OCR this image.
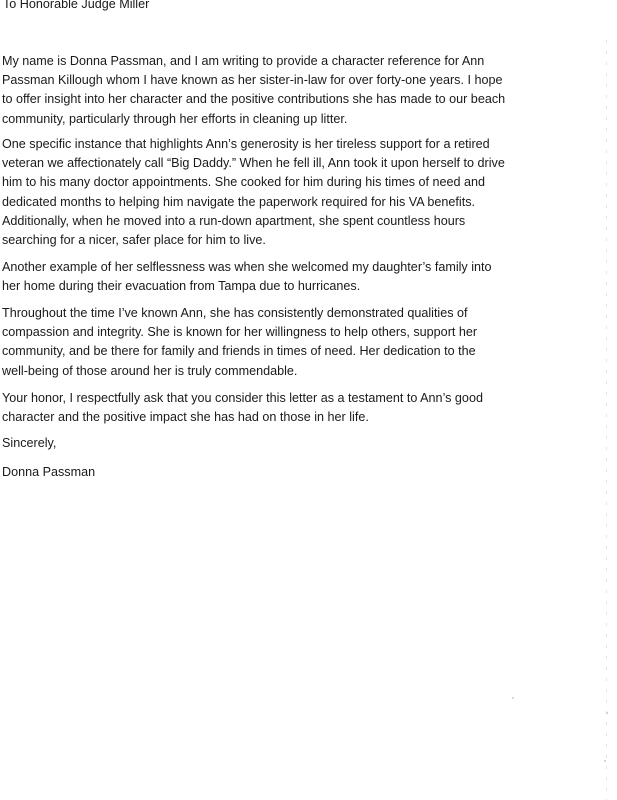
To Honorable Judge Miller
My name is Donna Passman, and I am writing to provide a character reference for Ann
Passman Killough whom I have known as her sister-in-law for over forty-one years. I hope
to offer insight into her character and the positive contributions she has made to our beach
community, particularly through her efforts in cleaning up litter.
One specific instance that highlights Ann’s generosity is her tireless support for a retired
veteran we affectionately call “Big Daddy.” When he fell ill, Ann took it upon herself to drive
him to his many doctor appointments. She cooked for him during his times of need and
dedicated months to helping him navigate the paperwork required for his VA benefits.
Additionally, when he moved into a run-down apartment, she spent countless hours
searching for a nicer, safer place for him to live.
Another example of her selflessness was when she welcomed my daughter’s family into
her home during their evacuation from Tampa due to hurricanes.
Throughout the time I’ve known Ann, she has consistently demonstrated qualities of
compassion and integrity. She is known for her willingness to help others, support her
community, and be there for family and friends in times of need. Her dedication to the
well-being of those around her is truly commendable.
Your honor, I respectfully ask that you consider this letter as a testament to Ann’s good
character and the positive impact she has had on those in her life.
Sincerely,
Donna Passman
